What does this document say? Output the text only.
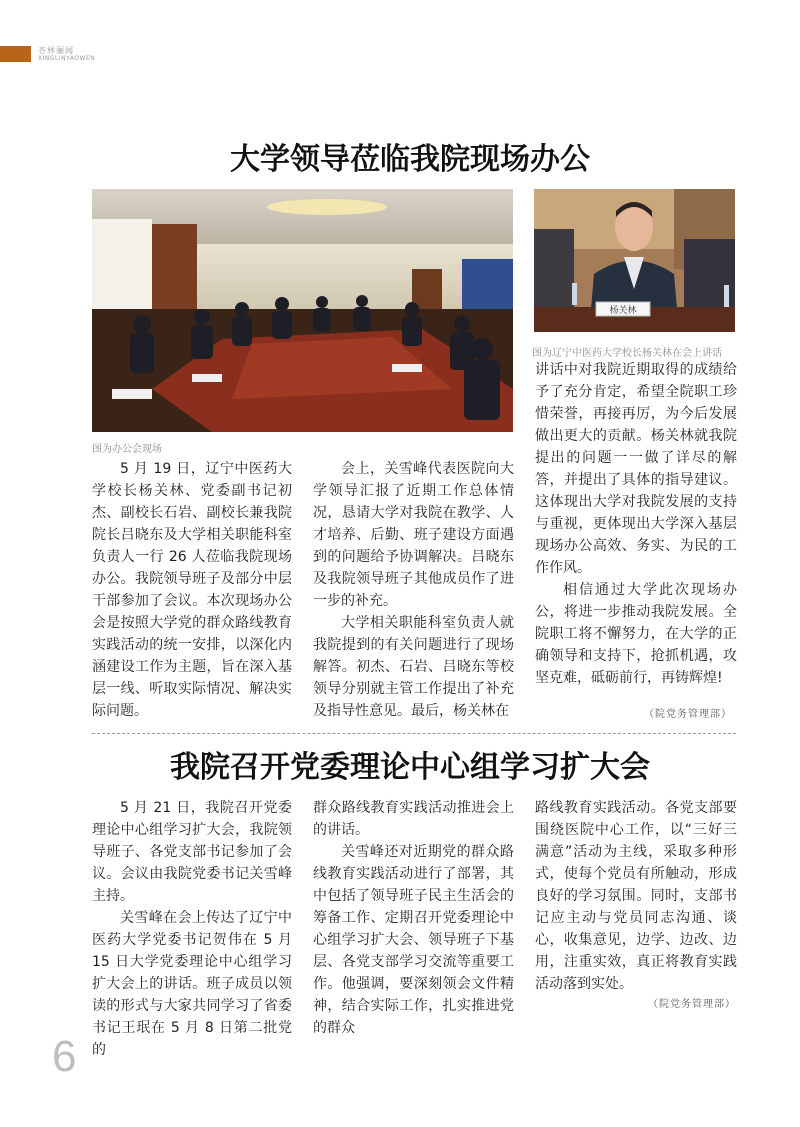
杏林骊闻
XINGLINYAOWEN
大学领导莅临我院现场办公
杨关林
图为办公会现场
图为辽宁中医药大学校长杨关林在会上讲话

5 月 19 日，辽宁中医药大学校长杨关林、党委副书记初杰、副校长石岩、副校长兼我院院长吕晓东及大学相关职能科室负责人一行 26 人莅临我院现场办公。我院领导班子及部分中层干部参加了会议。本次现场办公会是按照大学党的群众路线教育实践活动的统一安排，以深化内涵建设工作为主题，旨在深入基层一线、听取实际情况、解决实际问题。

会上，关雪峰代表医院向大学领导汇报了近期工作总体情况，恳请大学对我院在教学、人才培养、后勤、班子建设方面遇到的问题给予协调解决。吕晓东及我院领导班子其他成员作了进一步的补充。

大学相关职能科室负责人就我院提到的有关问题进行了现场解答。初杰、石岩、吕晓东等校领导分别就主管工作提出了补充及指导性意见。最后，杨关林在

讲话中对我院近期取得的成绩给予了充分肯定，希望全院职工珍惜荣誉，再接再厉，为今后发展做出更大的贡献。杨关林就我院提出的问题一一做了详尽的解答，并提出了具体的指导建议。这体现出大学对我院发展的支持与重视，更体现出大学深入基层现场办公高效、务实、为民的工作作风。

相信通过大学此次现场办公，将进一步推动我院发展。全院职工将不懈努力，在大学的正确领导和支持下，抢抓机遇，攻坚克难，砥砺前行，再铸辉煌!

（院党务管理部）
我院召开党委理论中心组学习扩大会

5 月 21 日，我院召开党委理论中心组学习扩大会，我院领导班子、各党支部书记参加了会议。会议由我院党委书记关雪峰主持。

关雪峰在会上传达了辽宁中医药大学党委书记贺伟在 5 月 15 日大学党委理论中心组学习扩大会上的讲话。班子成员以领读的形式与大家共同学习了省委书记王珉在 5 月 8 日第二批党的

群众路线教育实践活动推进会上的讲话。

关雪峰还对近期党的群众路线教育实践活动进行了部署，其中包括了领导班子民主生活会的筹备工作、定期召开党委理论中心组学习扩大会、领导班子下基层、各党支部学习交流等重要工作。他强调，要深刻领会文件精神，结合实际工作，扎实推进党的群众

路线教育实践活动。各党支部要围绕医院中心工作，以“三好三满意”活动为主线，采取多种形式，使每个党员有所触动，形成良好的学习氛围。同时，支部书记应主动与党员同志沟通、谈心，收集意见，边学、边改、边用，注重实效，真正将教育实践活动落到实处。

（院党务管理部）
6
